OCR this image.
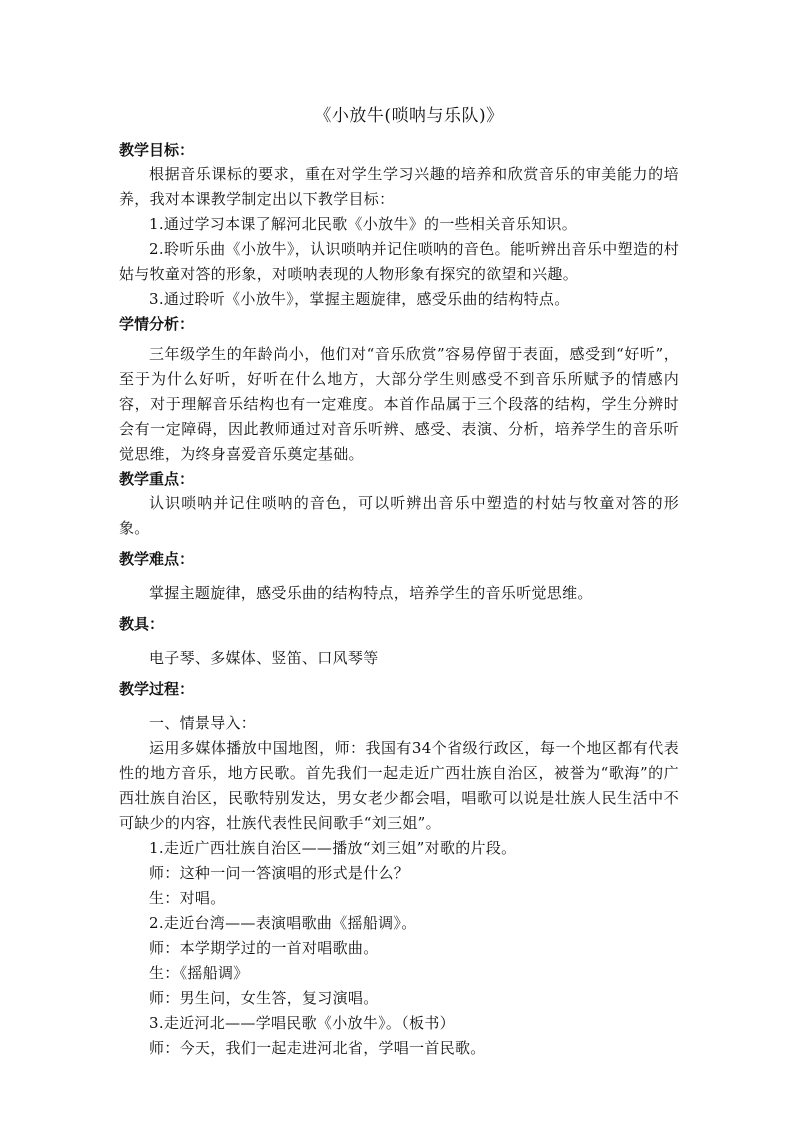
《小放牛(唢呐与乐队)》
教学目标：

根据音乐课标的要求，重在对学生学习兴趣的培养和欣赏音乐的审美能力的培养，我对本课教学制定出以下教学目标：

1.通过学习本课了解河北民歌《小放牛》的一些相关音乐知识。

2.聆听乐曲《小放牛》，认识唢呐并记住唢呐的音色。能听辨出音乐中塑造的村姑与牧童对答的形象，对唢呐表现的人物形象有探究的欲望和兴趣。

3.通过聆听《小放牛》，掌握主题旋律，感受乐曲的结构特点。

学情分析：

三年级学生的年龄尚小，他们对“音乐欣赏”容易停留于表面，感受到“好听”，至于为什么好听，好听在什么地方，大部分学生则感受不到音乐所赋予的情感内容，对于理解音乐结构也有一定难度。本首作品属于三个段落的结构，学生分辨时会有一定障碍，因此教师通过对音乐听辨、感受、表演、分析，培养学生的音乐听觉思维，为终身喜爱音乐奠定基础。

教学重点：

认识唢呐并记住唢呐的音色，可以听辨出音乐中塑造的村姑与牧童对答的形象。

教学难点：

掌握主题旋律，感受乐曲的结构特点，培养学生的音乐听觉思维。

教具：

电子琴、多媒体、竖笛、口风琴等

教学过程：

一、情景导入：

运用多媒体播放中国地图，师：我国有34个省级行政区，每一个地区都有代表性的地方音乐，地方民歌。首先我们一起走近广西壮族自治区，被誉为“歌海”的广西壮族自治区，民歌特别发达，男女老少都会唱，唱歌可以说是壮族人民生活中不可缺少的内容，壮族代表性民间歌手“刘三姐”。

1.走近广西壮族自治区——播放“刘三姐”对歌的片段。

师：这种一问一答演唱的形式是什么？

生：对唱。

2.走近台湾——表演唱歌曲《摇船调》。

师：本学期学过的一首对唱歌曲。

生：《摇船调》

师：男生问，女生答，复习演唱。

3.走近河北——学唱民歌《小放牛》。（板书）

师：今天，我们一起走进河北省，学唱一首民歌。
